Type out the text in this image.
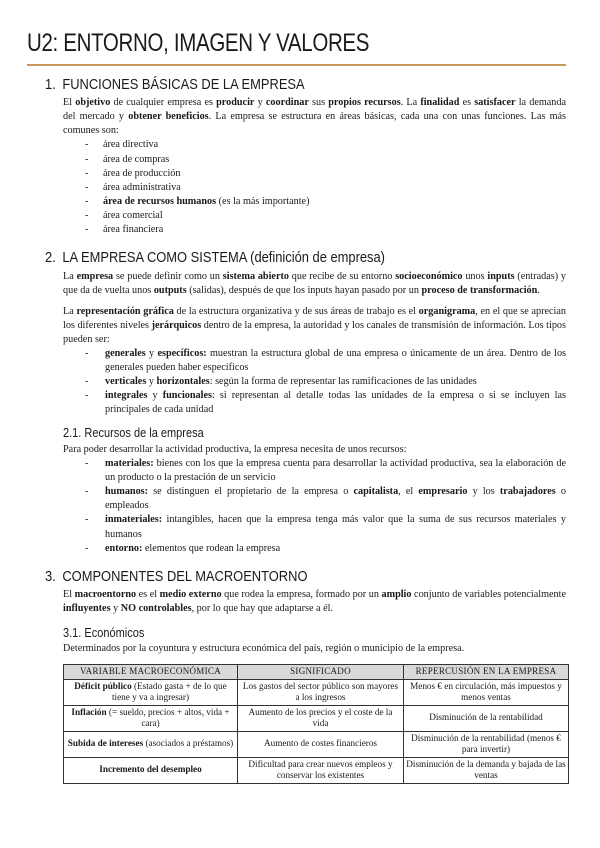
U2: ENTORNO, IMAGEN Y VALORES
1. FUNCIONES BÁSICAS DE LA EMPRESA
El objetivo de cualquier empresa es producir y coordinar sus propios recursos. La finalidad es satisfacer la demanda del mercado y obtener beneficios. La empresa se estructura en áreas básicas, cada una con unas funciones. Las más comunes son:
- área directiva
- área de compras
- área de producción
- área administrativa
- área de recursos humanos (es la más importante)
- área comercial
- área financiera
2. LA EMPRESA COMO SISTEMA (definición de empresa)
La empresa se puede definir como un sistema abierto que recibe de su entorno socioeconómico unos inputs (entradas) y que da de vuelta unos outputs (salidas), después de que los inputs hayan pasado por un proceso de transformación.
La representación gráfica de la estructura organizativa y de sus áreas de trabajo es el organigrama, en el que se aprecian los diferentes niveles jerárquicos dentro de la empresa, la autoridad y los canales de transmisión de información. Los tipos pueden ser:
- generales y específicos: muestran la estructura global de una empresa o únicamente de un área. Dentro de los generales pueden haber específicos
- verticales y horizontales: según la forma de representar las ramificaciones de las unidades
- integrales y funcionales: si representan al detalle todas las unidades de la empresa o si se incluyen las principales de cada unidad
2.1. Recursos de la empresa
Para poder desarrollar la actividad productiva, la empresa necesita de unos recursos:
- materiales: bienes con los que la empresa cuenta para desarrollar la actividad productiva, sea la elaboración de un producto o la prestación de un servicio
- humanos: se distinguen el propietario de la empresa o capitalista, el empresario y los trabajadores o empleados
- inmateriales: intangibles, hacen que la empresa tenga más valor que la suma de sus recursos materiales y humanos
- entorno: elementos que rodean la empresa
3. COMPONENTES DEL MACROENTORNO
El macroentorno es el medio externo que rodea la empresa, formado por un amplio conjunto de variables potencialmente influyentes y NO controlables, por lo que hay que adaptarse a él.
3.1. Económicos
Determinados por la coyuntura y estructura económica del país, región o municipio de la empresa.
VARIABLE MACROECONÓMICA	SIGNIFICADO	REPERCUSIÓN EN LA EMPRESA
Déficit público (Estado gasta + de lo que tiene y va a ingresar)	Los gastos del sector público son mayores a los ingresos	Menos € en circulación, más impuestos y menos ventas
Inflación (= sueldo, precios + altos, vida + cara)	Aumento de los precios y el coste de la vida	Disminución de la rentabilidad
Subida de intereses (asociados a préstamos)	Aumento de costes financieros	Disminución de la rentabilidad (menos € para invertir)
Incremento del desempleo	Dificultad para crear nuevos empleos y conservar los existentes	Disminución de la demanda y bajada de las ventas
